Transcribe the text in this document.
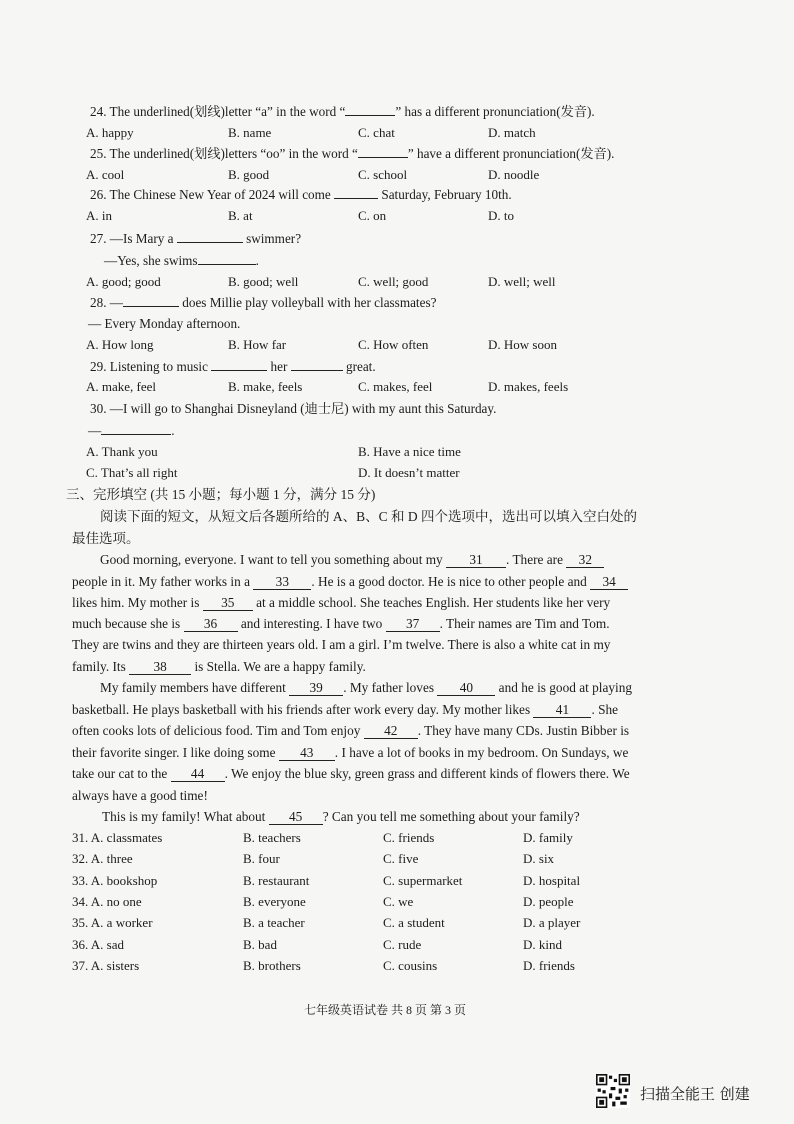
24. The underlined(划线)letter “a” in the word “	” has a different pronunciation(发音).
A. happy	B. name	C. chat	D. match
25. The underlined(划线)letters “oo” in the word “	” have a different pronunciation(发音).
A. cool	B. good	C. school	D. noodle
26. The Chinese New Year of 2024 will come	Saturday, February 10th.
A. in	B. at	C. on	D. to
27. —Is Mary a	swimmer?
—Yes, she swims	.
A. good; good	B. good; well	C. well; good	D. well; well
28. —	does Millie play volleyball with her classmates?
— Every Monday afternoon.
A. How long	B. How far	C. How often	D. How soon
29. Listening to music	her	great.
A. make, feel	B. make, feels	C. makes, feel	D. makes, feels
30. —I will go to Shanghai Disneyland (迪士尼) with my aunt this Saturday.
—	.
A. Thank you	B. Have a nice time
C. That’s all right	D. It doesn’t matter
三、完形填空 (共 15 小题；每小题 1 分，满分 15 分)
阅读下面的短文，从短文后各题所给的 A、B、C 和 D 四个选项中，选出可以填入空白处的
最佳选项。
Good morning, everyone. I want to tell you something about my 31 . There are 32
people in it. My father works in a 33 . He is a good doctor. He is nice to other people and 34
likes him. My mother is 35 at a middle school. She teaches English. Her students like her very
much because she is 36 and interesting. I have two 37 . Their names are Tim and Tom.
They are twins and they are thirteen years old. I am a girl. I’m twelve. There is also a white cat in my
family. Its 38 is Stella. We are a happy family.
My family members have different 39 . My father loves 40 and he is good at playing
basketball. He plays basketball with his friends after work every day. My mother likes 41 . She
often cooks lots of delicious food. Tim and Tom enjoy 42 . They have many CDs. Justin Bibber is
their favorite singer. I like doing some 43 . I have a lot of books in my bedroom. On Sundays, we
take our cat to the 44 . We enjoy the blue sky, green grass and different kinds of flowers there. We
always have a good time!
This is my family! What about 45 ? Can you tell me something about your family?
31. A. classmates	B. teachers	C. friends	D. family
32. A. three	B. four	C. five	D. six
33. A. bookshop	B. restaurant	C. supermarket	D. hospital
34. A. no one	B. everyone	C. we	D. people
35. A. a worker	B. a teacher	C. a student	D. a player
36. A. sad	B. bad	C. rude	D. kind
37. A. sisters	B. brothers	C. cousins	D. friends
七年级英语试卷 共 8 页 第 3 页
扫描全能王 创建
